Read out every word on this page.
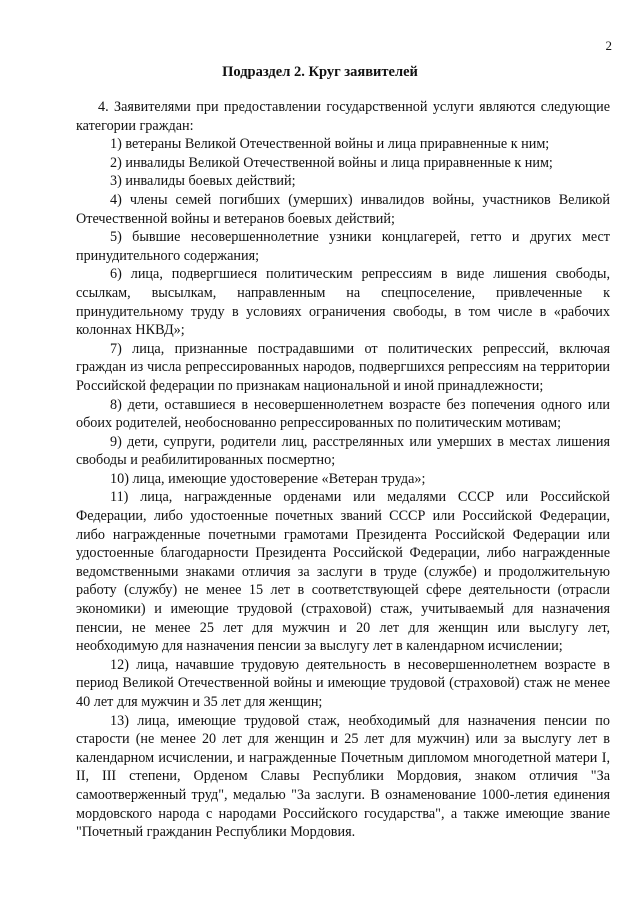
2
Подраздел 2. Круг заявителей

4. Заявителями при предоставлении государственной услуги являются следующие категории граждан:

1) ветераны Великой Отечественной войны и лица приравненные к ним;

2) инвалиды Великой Отечественной войны и лица приравненные к ним;

3) инвалиды боевых действий;

4) члены семей погибших (умерших) инвалидов войны, участников Великой Отечественной войны и ветеранов боевых действий;

5) бывшие несовершеннолетние узники концлагерей, гетто и других мест принудительного содержания;

6) лица, подвергшиеся политическим репрессиям в виде лишения свободы, ссылкам, высылкам, направленным на спецпоселение, привлеченные к принудительному труду в условиях ограничения свободы, в том числе в «рабочих колоннах НКВД»;

7) лица, признанные пострадавшими от политических репрессий, включая граждан из числа репрессированных народов, подвергшихся репрессиям на территории Российской федерации по признакам национальной и иной принадлежности;

8) дети, оставшиеся в несовершеннолетнем возрасте без попечения одного или обоих родителей, необоснованно репрессированных по политическим мотивам;

9) дети, супруги, родители лиц, расстрелянных или умерших в местах лишения свободы и реабилитированных посмертно;

10) лица, имеющие удостоверение «Ветеран труда»;

11) лица, награжденные орденами или медалями СССР или Российской Федерации, либо удостоенные почетных званий СССР или Российской Федерации, либо награжденные почетными грамотами Президента Российской Федерации или удостоенные благодарности Президента Российской Федерации, либо награжденные ведомственными знаками отличия за заслуги в труде (службе) и продолжительную работу (службу) не менее 15 лет в соответствующей сфере деятельности (отрасли экономики) и имеющие трудовой (страховой) стаж, учитываемый для назначения пенсии, не менее 25 лет для мужчин и 20 лет для женщин или выслугу лет, необходимую для назначения пенсии за выслугу лет в календарном исчислении;

12) лица, начавшие трудовую деятельность в несовершеннолетнем возрасте в период Великой Отечественной войны и имеющие трудовой (страховой) стаж не менее 40 лет для мужчин и 35 лет для женщин;

13) лица, имеющие трудовой стаж, необходимый для назначения пенсии по старости (не менее 20 лет для женщин и 25 лет для мужчин) или за выслугу лет в календарном исчислении, и награжденные Почетным дипломом многодетной матери I, II, III степени, Орденом Славы Республики Мордовия, знаком отличия "За самоотверженный труд", медалью "За заслуги. В ознаменование 1000-летия единения мордовского народа с народами Российского государства", а также имеющие звание "Почетный гражданин Республики Мордовия.
